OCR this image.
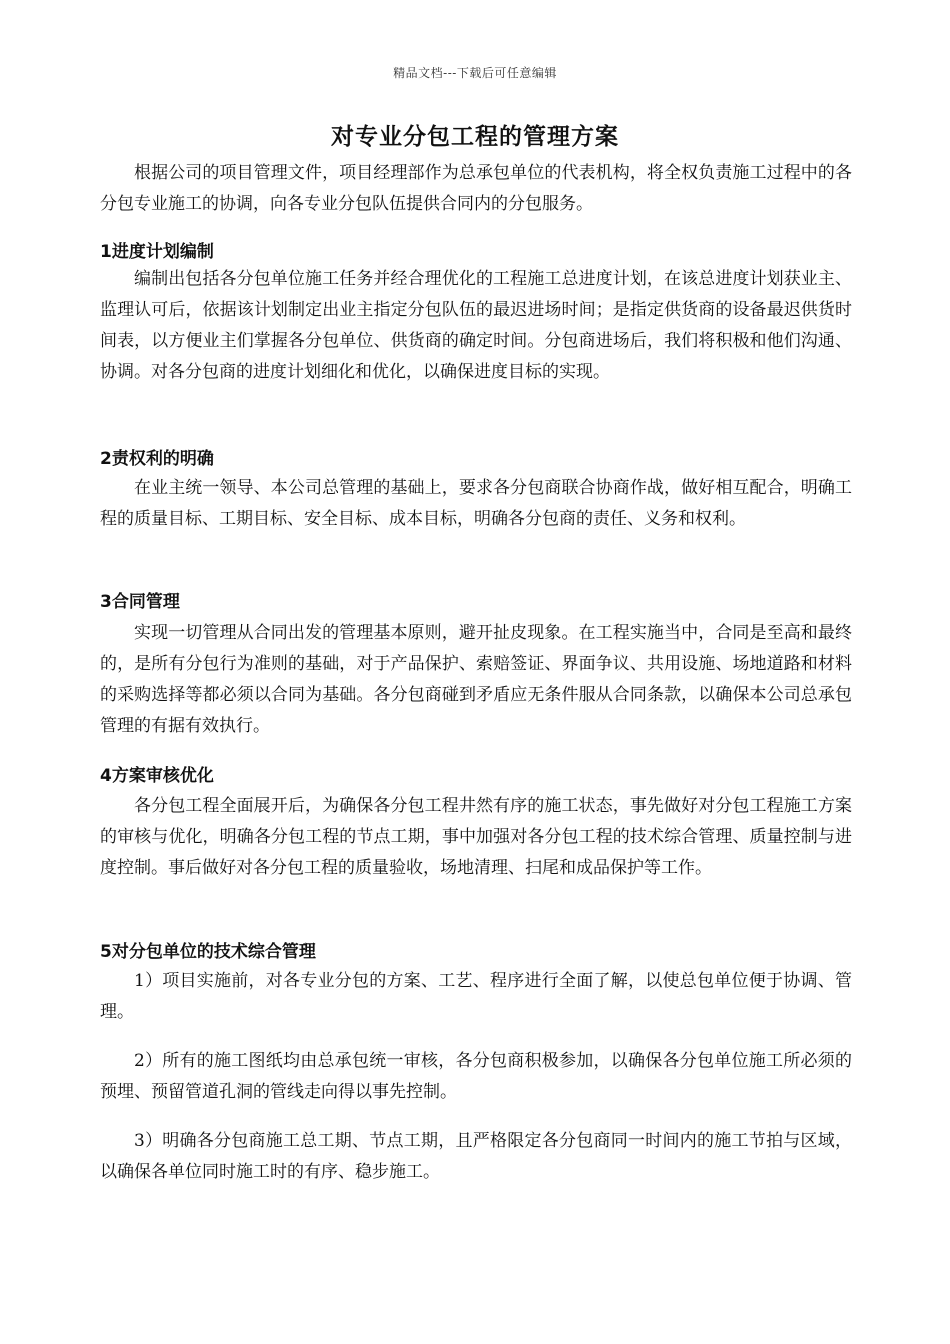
精品文档---下载后可任意编辑
对专业分包工程的管理方案

根据公司的项目管理文件，项目经理部作为总承包单位的代表机构，将全权负责施工过程中的各分包专业施工的协调，向各专业分包队伍提供合同内的分包服务。

1进度计划编制

编制出包括各分包单位施工任务并经合理优化的工程施工总进度计划，在该总进度计划获业主、监理认可后，依据该计划制定出业主指定分包队伍的最迟进场时间；是指定供货商的设备最迟供货时间表，以方便业主们掌握各分包单位、供货商的确定时间。分包商进场后，我们将积极和他们沟通、协调。对各分包商的进度计划细化和优化，以确保进度目标的实现。

2责权利的明确

在业主统一领导、本公司总管理的基础上，要求各分包商联合协商作战，做好相互配合，明确工程的质量目标、工期目标、安全目标、成本目标，明确各分包商的责任、义务和权利。

3合同管理

实现一切管理从合同出发的管理基本原则，避开扯皮现象。在工程实施当中，合同是至高和最终的，是所有分包行为准则的基础，对于产品保护、索赔签证、界面争议、共用设施、场地道路和材料的采购选择等都必须以合同为基础。各分包商碰到矛盾应无条件服从合同条款，以确保本公司总承包管理的有据有效执行。

4方案审核优化

各分包工程全面展开后，为确保各分包工程井然有序的施工状态，事先做好对分包工程施工方案的审核与优化，明确各分包工程的节点工期，事中加强对各分包工程的技术综合管理、质量控制与进度控制。事后做好对各分包工程的质量验收，场地清理、扫尾和成品保护等工作。

5对分包单位的技术综合管理

1）项目实施前，对各专业分包的方案、工艺、程序进行全面了解，以使总包单位便于协调、管理。

2）所有的施工图纸均由总承包统一审核，各分包商积极参加，以确保各分包单位施工所必须的预埋、预留管道孔洞的管线走向得以事先控制。

3）明确各分包商施工总工期、节点工期，且严格限定各分包商同一时间内的施工节拍与区域，以确保各单位同时施工时的有序、稳步施工。
